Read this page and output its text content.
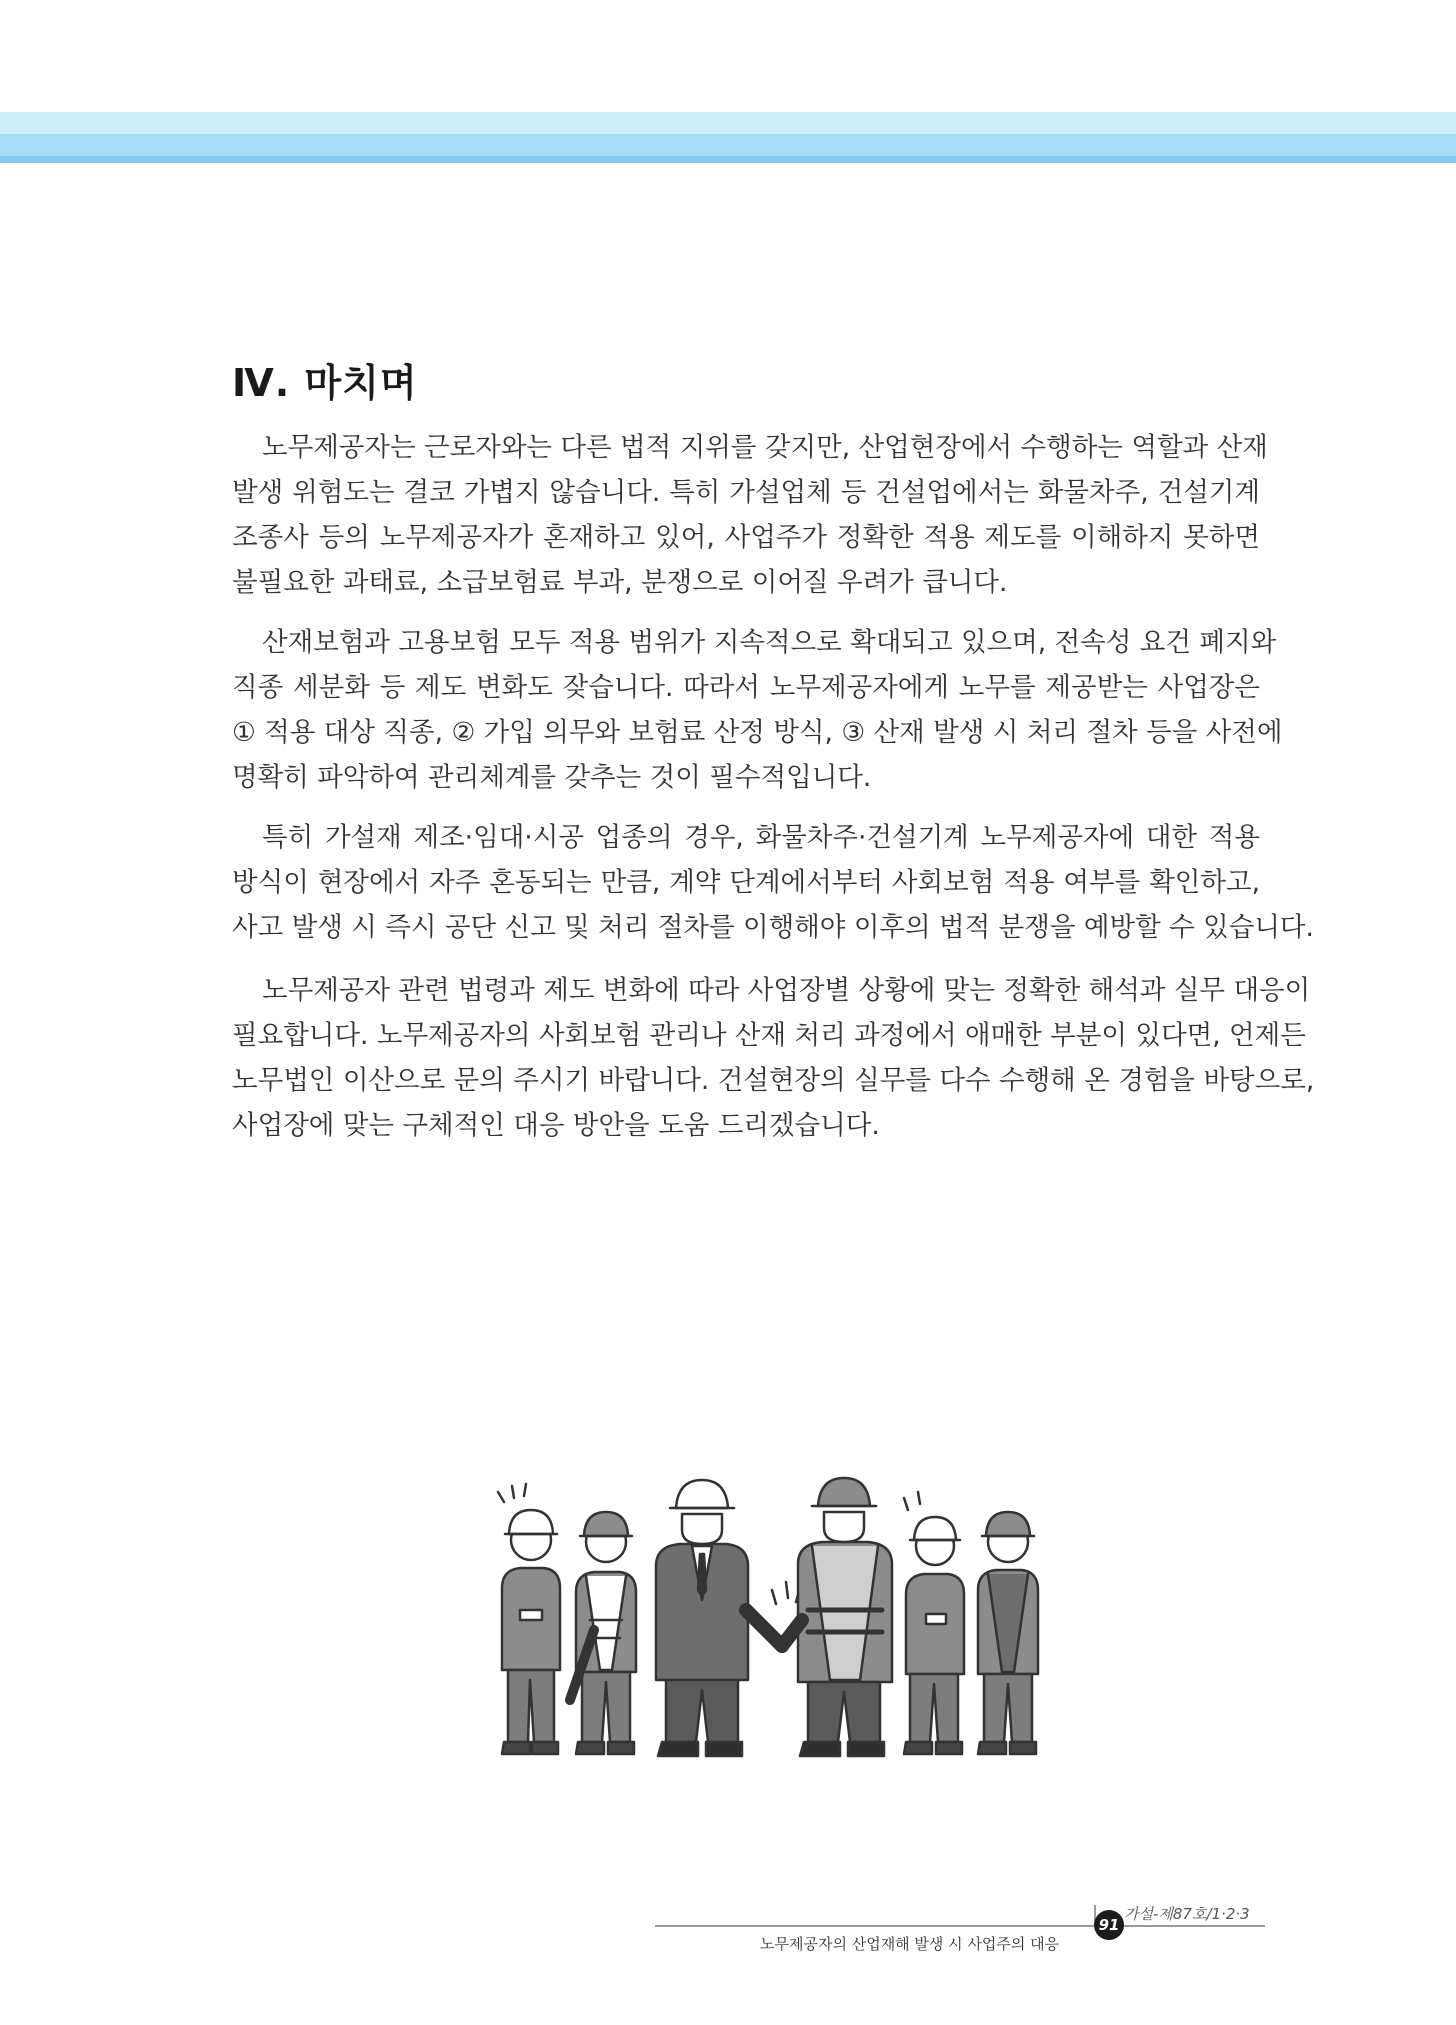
Ⅳ. 마치며
노무제공자는 근로자와는 다른 법적 지위를 갖지만, 산업현장에서 수행하는 역할과 산재
발생 위험도는 결코 가볍지 않습니다. 특히 가설업체 등 건설업에서는 화물차주, 건설기계
조종사 등의 노무제공자가 혼재하고 있어, 사업주가 정확한 적용 제도를 이해하지 못하면
불필요한 과태료, 소급보험료 부과, 분쟁으로 이어질 우려가 큽니다.
산재보험과 고용보험 모두 적용 범위가 지속적으로 확대되고 있으며, 전속성 요건 폐지와
직종 세분화 등 제도 변화도 잦습니다. 따라서 노무제공자에게 노무를 제공받는 사업장은
① 적용 대상 직종, ② 가입 의무와 보험료 산정 방식, ③ 산재 발생 시 처리 절차 등을 사전에
명확히 파악하여 관리체계를 갖추는 것이 필수적입니다.
특히 가설재 제조·임대·시공 업종의 경우, 화물차주·건설기계 노무제공자에 대한 적용
방식이 현장에서 자주 혼동되는 만큼, 계약 단계에서부터 사회보험 적용 여부를 확인하고,
사고 발생 시 즉시 공단 신고 및 처리 절차를 이행해야 이후의 법적 분쟁을 예방할 수 있습니다.
노무제공자 관련 법령과 제도 변화에 따라 사업장별 상황에 맞는 정확한 해석과 실무 대응이
필요합니다. 노무제공자의 사회보험 관리나 산재 처리 과정에서 애매한 부분이 있다면, 언제든
노무법인 이산으로 문의 주시기 바랍니다. 건설현장의 실무를 다수 수행해 온 경험을 바탕으로,
사업장에 맞는 구체적인 대응 방안을 도움 드리겠습니다.
91
가설-제87호/1·2·3
노무제공자의 산업재해 발생 시 사업주의 대응
